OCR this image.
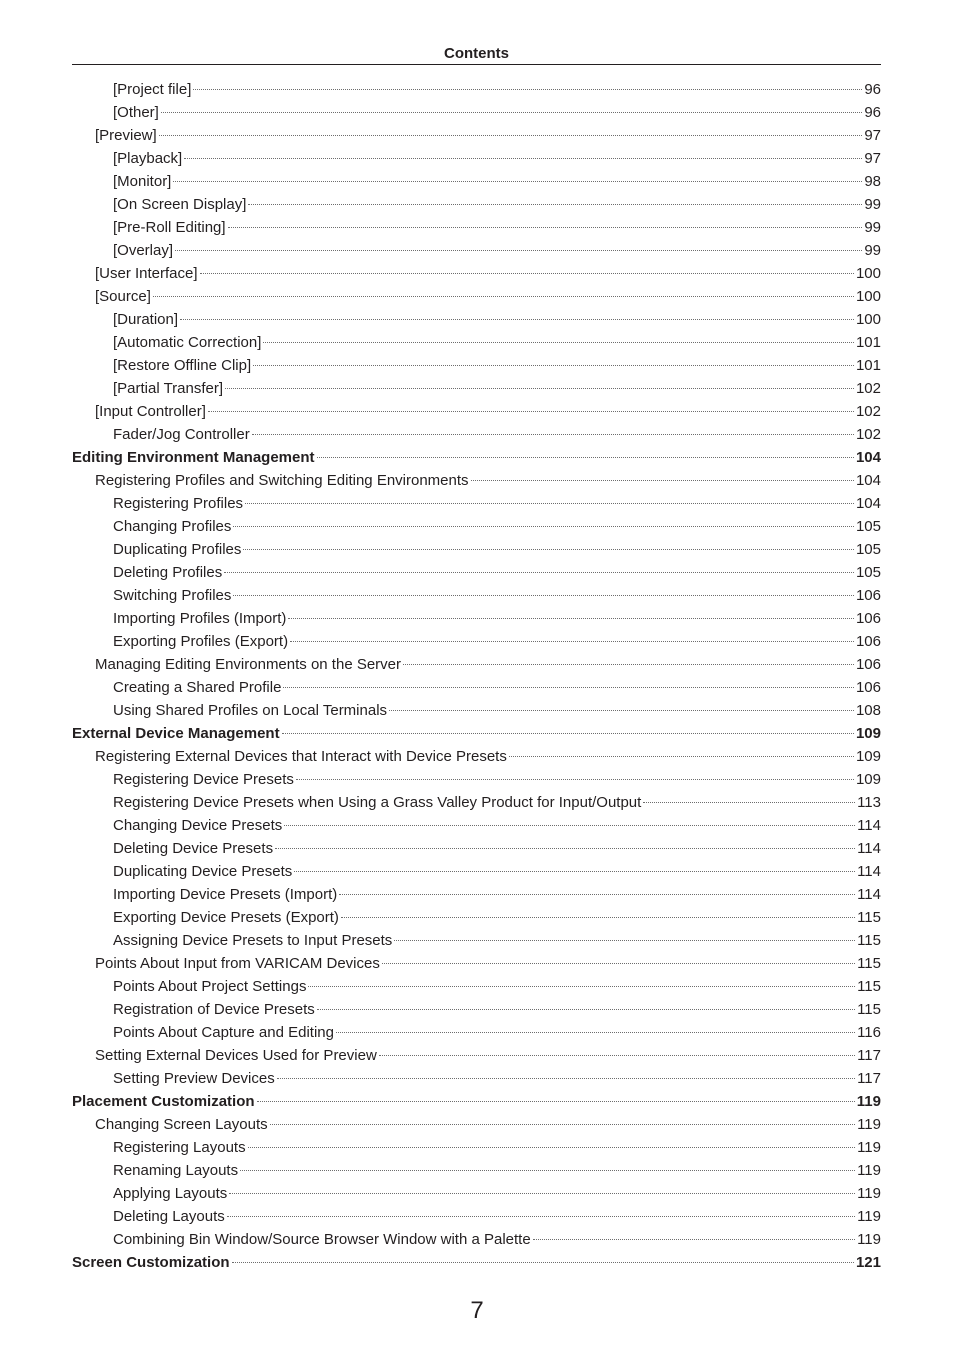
Contents
[Project file]	96
[Other]	96
[Preview]	97
[Playback]	97
[Monitor]	98
[On Screen Display]	99
[Pre-Roll Editing]	99
[Overlay]	99
[User Interface]	100
[Source]	100
[Duration]	100
[Automatic Correction]	101
[Restore Offline Clip]	101
[Partial Transfer]	102
[Input Controller]	102
Fader/Jog Controller	102
Editing Environment Management	104
Registering Profiles and Switching Editing Environments	104
Registering Profiles	104
Changing Profiles	105
Duplicating Profiles	105
Deleting Profiles	105
Switching Profiles	106
Importing Profiles (Import)	106
Exporting Profiles (Export)	106
Managing Editing Environments on the Server	106
Creating a Shared Profile	106
Using Shared Profiles on Local Terminals	108
External Device Management	109
Registering External Devices that Interact with Device Presets	109
Registering Device Presets	109
Registering Device Presets when Using a Grass Valley Product for Input/Output	113
Changing Device Presets	114
Deleting Device Presets	114
Duplicating Device Presets	114
Importing Device Presets (Import)	114
Exporting Device Presets (Export)	115
Assigning Device Presets to Input Presets	115
Points About Input from VARICAM Devices	115
Points About Project Settings	115
Registration of Device Presets	115
Points About Capture and Editing	116
Setting External Devices Used for Preview	117
Setting Preview Devices	117
Placement Customization	119
Changing Screen Layouts	119
Registering Layouts	119
Renaming Layouts	119
Applying Layouts	119
Deleting Layouts	119
Combining Bin Window/Source Browser Window with a Palette	119
Screen Customization	121
7
